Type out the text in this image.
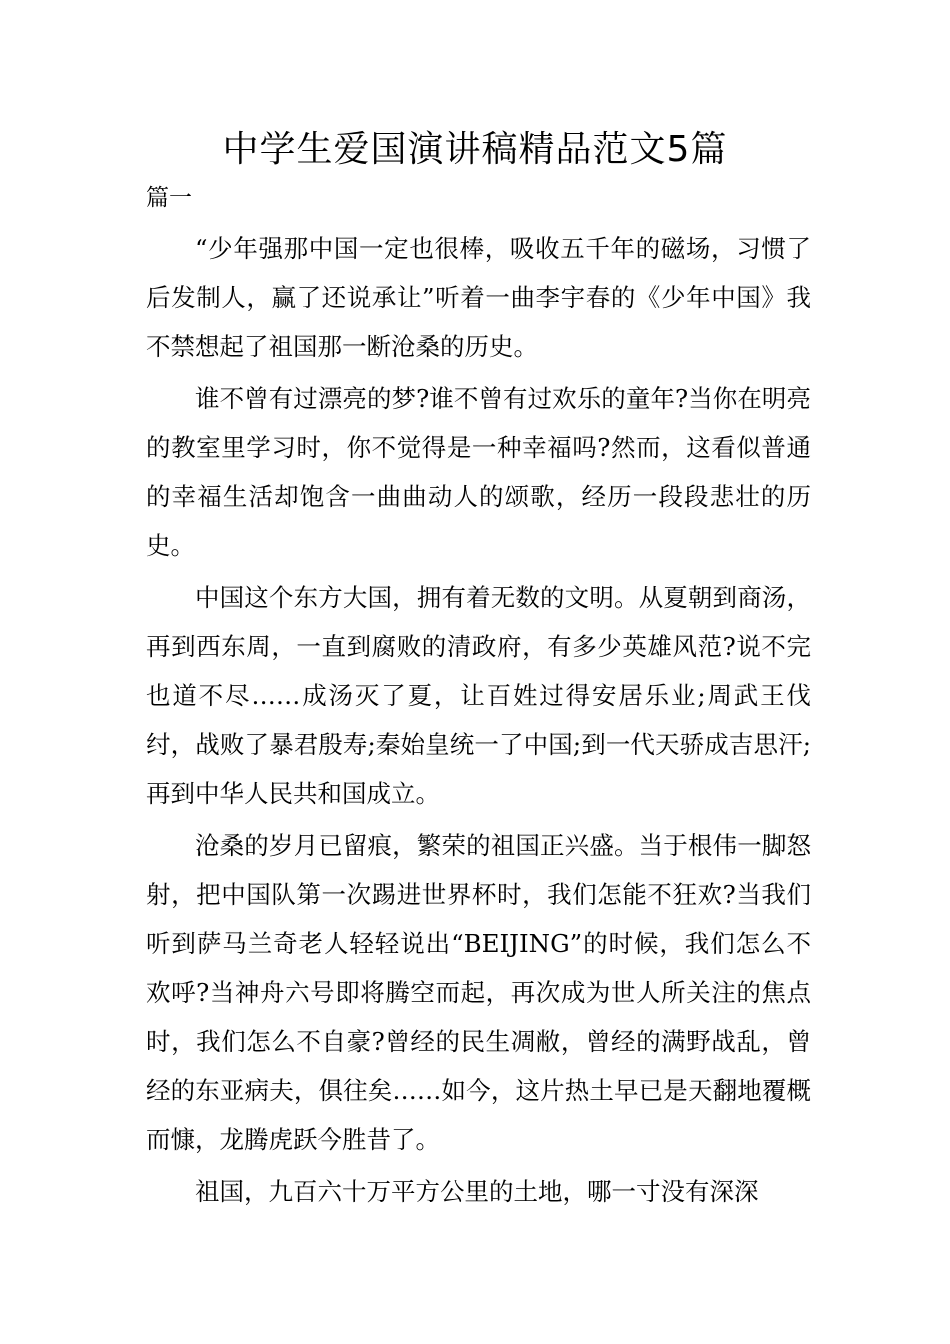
中学生爱国演讲稿精品范文5篇
篇一

“少年强那中国一定也很棒，吸收五千年的磁场，习惯了后发制人，赢了还说承让”听着一曲李宇春的《少年中国》我不禁想起了祖国那一断沧桑的历史。

谁不曾有过漂亮的梦?谁不曾有过欢乐的童年?当你在明亮的教室里学习时，你不觉得是一种幸福吗?然而，这看似普通的幸福生活却饱含一曲曲动人的颂歌，经历一段段悲壮的历史。

中国这个东方大国，拥有着无数的文明。从夏朝到商汤，再到西东周，一直到腐败的清政府，有多少英雄风范?说不完也道不尽……成汤灭了夏，让百姓过得安居乐业;周武王伐纣，战败了暴君殷寿;秦始皇统一了中国;到一代天骄成吉思汗;再到中华人民共和国成立。

沧桑的岁月已留痕，繁荣的祖国正兴盛。当于根伟一脚怒射，把中国队第一次踢进世界杯时，我们怎能不狂欢?当我们听到萨马兰奇老人轻轻说出“BEIJING”的时候，我们怎么不欢呼?当神舟六号即将腾空而起，再次成为世人所关注的焦点时，我们怎么不自豪?曾经的民生凋敝，曾经的满野战乱，曾经的东亚病夫，俱往矣……如今，这片热土早已是天翻地覆概而慷，龙腾虎跃今胜昔了。

祖国，九百六十万平方公里的土地，哪一寸没有深深
